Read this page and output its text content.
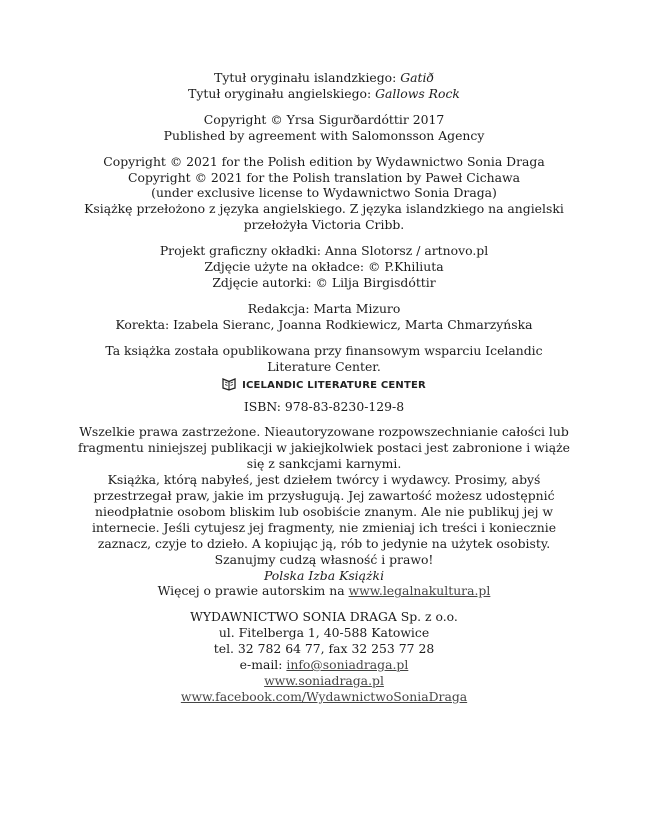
Tytuł oryginału islandzkiego: Gatið
Tytuł oryginału angielskiego: Gallows Rock
Copyright © Yrsa Sigurðardóttir 2017
Published by agreement with Salomonsson Agency
Copyright © 2021 for the Polish edition by Wydawnictwo Sonia Draga
Copyright © 2021 for the Polish translation by Paweł Cichawa
(under exclusive license to Wydawnictwo Sonia Draga)
Książkę przełożono z języka angielskiego. Z języka islandzkiego na angielski przełożyła Victoria Cribb.
Projekt graficzny okładki: Anna Slotorsz / artnovo.pl
Zdjęcie użyte na okładce: © P.Khiliuta
Zdjęcie autorki: © Lilja Birgisdóttir
Redakcja: Marta Mizuro
Korekta: Izabela Sieranc, Joanna Rodkiewicz, Marta Chmarzyńska
Ta książka została opublikowana przy finansowym wsparciu Icelandic Literature Center.
ICELANDIC LITERATURE CENTER
ISBN: 978-83-8230-129-8
Wszelkie prawa zastrzeżone. Nieautoryzowane rozpowszechnianie całości lub fragmentu niniejszej publikacji w jakiejkolwiek postaci jest zabronione i wiąże się z sankcjami karnymi.
Książka, którą nabyłeś, jest dziełem twórcy i wydawcy. Prosimy, abyś przestrzegał praw, jakie im przysługują. Jej zawartość możesz udostępnić nieodpłatnie osobom bliskim lub osobiście znanym. Ale nie publikuj jej w internecie. Jeśli cytujesz jej fragmenty, nie zmieniaj ich treści i koniecznie zaznacz, czyje to dzieło. A kopiując ją, rób to jedynie na użytek osobisty.
Szanujmy cudzą własność i prawo!
Polska Izba Książki
Więcej o prawie autorskim na www.legalnakultura.pl
WYDAWNICTWO SONIA DRAGA Sp. z o.o.
ul. Fitelberga 1, 40-588 Katowice
tel. 32 782 64 77, fax 32 253 77 28
e-mail: info@soniadraga.pl
www.soniadraga.pl
www.facebook.com/WydawnictwoSoniaDraga
